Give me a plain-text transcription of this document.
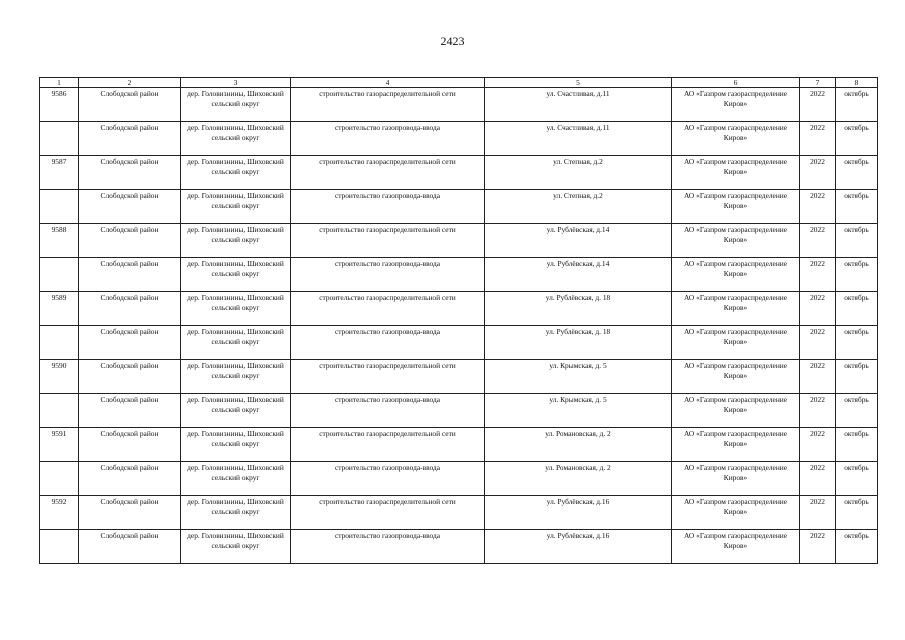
2423
1	2	3	4	5	6	7	8
9586	Слободской район	дер. Головизнины, Шиховский сельский округ	строительство газораспределительной сети	ул. Счастливая, д.11	АО «Газпром газораспределение Киров»	2022	октябрь
	Слободской район	дер. Головизнины, Шиховский сельский округ	строительство газопровода-ввода	ул. Счастливая, д.11	АО «Газпром газораспределение Киров»	2022	октябрь
9587	Слободской район	дер. Головизнины, Шиховский сельский округ	строительство газораспределительной сети	ул. Степная, д.2	АО «Газпром газораспределение Киров»	2022	октябрь
	Слободской район	дер. Головизнины, Шиховский сельский округ	строительство газопровода-ввода	ул. Степная, д.2	АО «Газпром газораспределение Киров»	2022	октябрь
9588	Слободской район	дер. Головизнины, Шиховский сельский округ	строительство газораспределительной сети	ул. Рублёвская, д.14	АО «Газпром газораспределение Киров»	2022	октябрь
	Слободской район	дер. Головизнины, Шиховский сельский округ	строительство газопровода-ввода	ул. Рублёвская, д.14	АО «Газпром газораспределение Киров»	2022	октябрь
9589	Слободской район	дер. Головизнины, Шиховский сельский округ	строительство газораспределительной сети	ул. Рублёвская, д. 18	АО «Газпром газораспределение Киров»	2022	октябрь
	Слободской район	дер. Головизнины, Шиховский сельский округ	строительство газопровода-ввода	ул. Рублёвская, д. 18	АО «Газпром газораспределение Киров»	2022	октябрь
9590	Слободской район	дер. Головизнины, Шиховский сельский округ	строительство газораспределительной сети	ул. Крымская, д. 5	АО «Газпром газораспределение Киров»	2022	октябрь
	Слободской район	дер. Головизнины, Шиховский сельский округ	строительство газопровода-ввода	ул. Крымская, д. 5	АО «Газпром газораспределение Киров»	2022	октябрь
9591	Слободской район	дер. Головизнины, Шиховский сельский округ	строительство газораспределительной сети	ул. Романовская, д. 2	АО «Газпром газораспределение Киров»	2022	октябрь
	Слободской район	дер. Головизнины, Шиховский сельский округ	строительство газопровода-ввода	ул. Романовская, д. 2	АО «Газпром газораспределение Киров»	2022	октябрь
9592	Слободской район	дер. Головизнины, Шиховский сельский округ	строительство газораспределительной сети	ул. Рублёвская, д.16	АО «Газпром газораспределение Киров»	2022	октябрь
	Слободской район	дер. Головизнины, Шиховский сельский округ	строительство газопровода-ввода	ул. Рублёвская, д.16	АО «Газпром газораспределение Киров»	2022	октябрь
